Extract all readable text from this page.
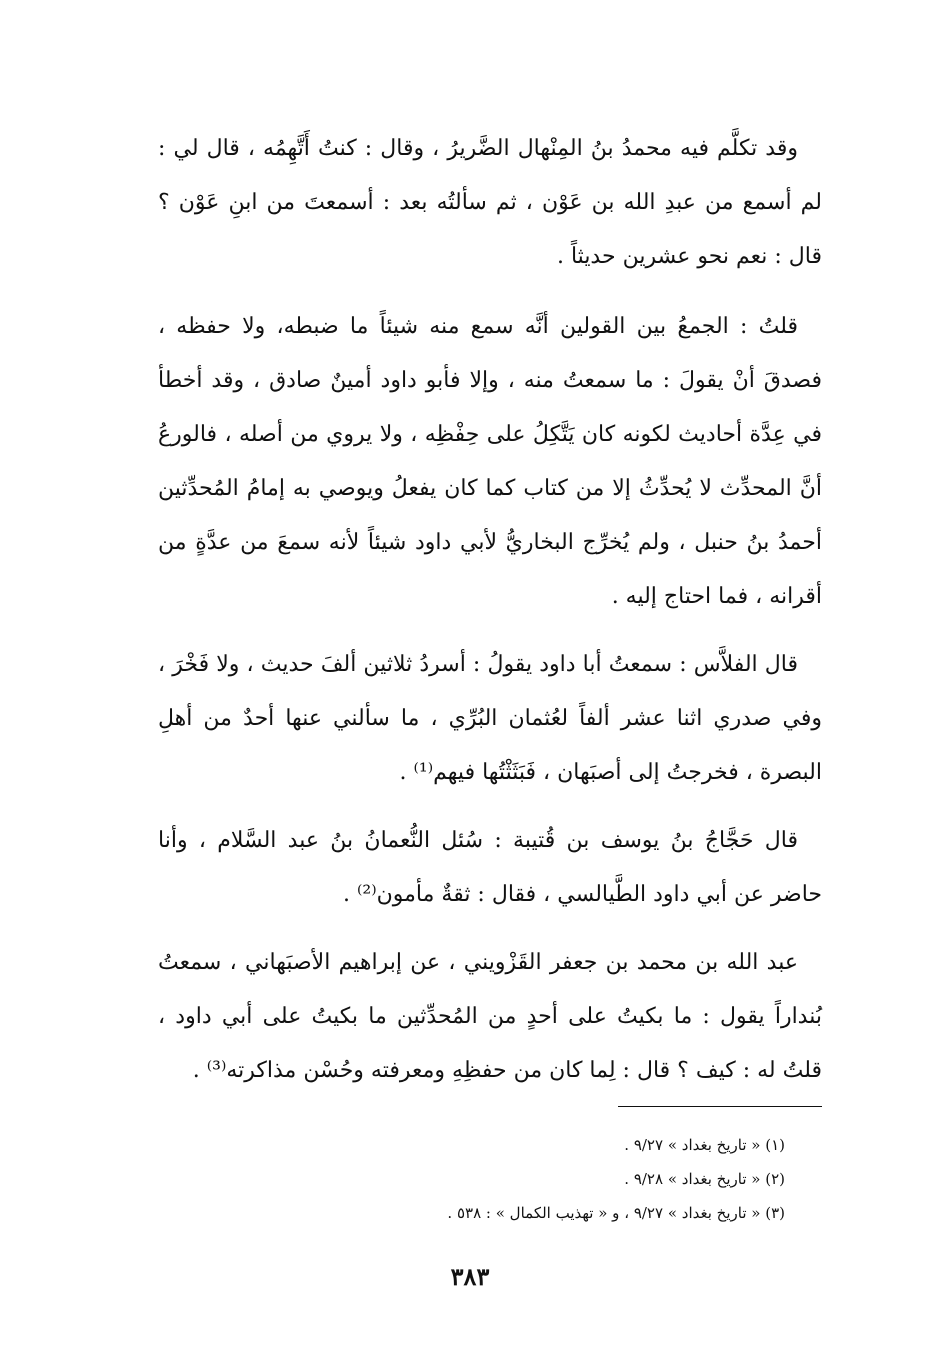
وقد تكلَّم فيه محمدُ بنُ المِنْهال الضَّريرُ ، وقال : كنتُ أَتَّهِمُه ، قال لي : لم أسمع من عبدِ الله بن عَوْن ، ثم سألتُه بعد : أسمعتَ من ابنِ عَوْن ؟ قال : نعم نحو عشرين حديثاً .

قلتُ : الجمعُ بين القولين أنَّه سمع منه شيئاً ما ضبطه، ولا حفظه ، فصدقَ أنْ يقولَ : ما سمعتُ منه ، وإلا فأبو داود أمينٌ صادق ، وقد أخطأ في عِدَّة أحاديث لكونه كان يَتَّكِلُ على حِفْظِه ، ولا يروي من أصله ، فالورعُ أنَّ المحدِّث لا يُحدِّثُ إلا من كتاب كما كان يفعلُ ويوصي به إمامُ المُحدِّثين أحمدُ بنُ حنبل ، ولم يُخرِّج البخاريُّ لأبي داود شيئاً لأنه سمعَ من عدَّةٍ من أقرانه ، فما احتاج إليه .

قال الفلاَّس : سمعتُ أبا داود يقولُ : أسردُ ثلاثين ألفَ حديث ، ولا فَخْرَ ، وفي صدري اثنا عشر ألفاً لعُثمان البُرِّي ، ما سألني عنها أحدٌ من أهلِ البصرة ، فخرجتُ إلى أصبَهان ، فَبَثَثْتُها فيهم⁽¹⁾ .

قال حَجَّاجُ بنُ يوسف بن قُتيبة : سُئل النُّعمانُ بنُ عبد السَّلام ، وأنا حاضر عن أبي داود الطَّيالسي ، فقال : ثقةٌ مأمون⁽²⁾ .

عبد الله بن محمد بن جعفر القَزْويني ، عن إبراهيم الأصبَهاني ، سمعتُ بُنداراً يقول : ما بكيتُ على أحدٍ من المُحدِّثين ما بكيتُ على أبي داود ، قلتُ له : كيف ؟ قال : لِما كان من حفظِهِ ومعرفته وحُسْن مذاكرته⁽³⁾ .

(١) « تاريخ بغداد » ٩/٢٧ .

(٢) « تاريخ بغداد » ٩/٢٨ .

(٣) « تاريخ بغداد » ٩/٢٧ ، و « تهذيب الكمال » : ٥٣٨ .

٣٨٣
